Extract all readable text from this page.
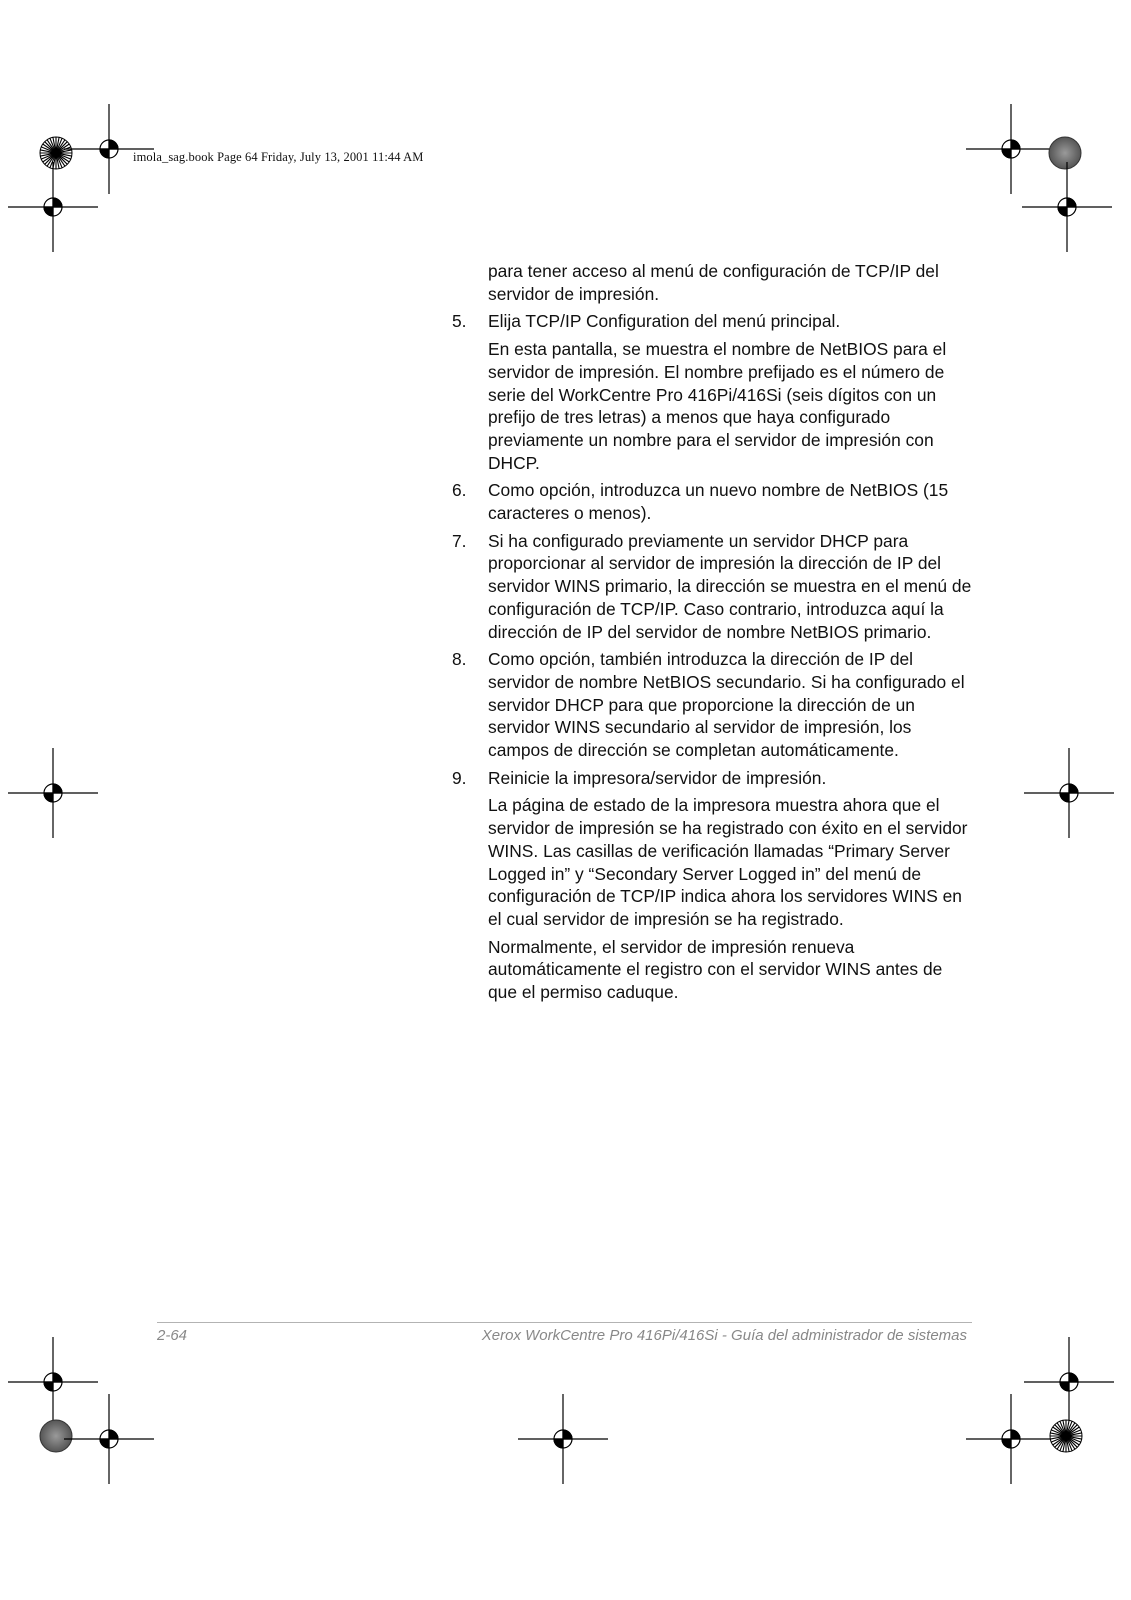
imola_sag.book Page 64 Friday, July 13, 2001 11:44 AM

para tener acceso al menú de configuración de TCP/IP del servidor de impresión.

5. Elija TCP/IP Configuration del menú principal.

En esta pantalla, se muestra el nombre de NetBIOS para el servidor de impresión. El nombre prefijado es el número de serie del WorkCentre Pro 416Pi/416Si (seis dígitos con un prefijo de tres letras) a menos que haya configurado previamente un nombre para el servidor de impresión con DHCP.

6. Como opción, introduzca un nuevo nombre de NetBIOS (15 caracteres o menos).
7. Si ha configurado previamente un servidor DHCP para proporcionar al servidor de impresión la dirección de IP del servidor WINS primario, la dirección se muestra en el menú de configuración de TCP/IP. Caso contrario, introduzca aquí la dirección de IP del servidor de nombre NetBIOS primario.
8. Como opción, también introduzca la dirección de IP del servidor de nombre NetBIOS secundario. Si ha configurado el servidor DHCP para que proporcione la dirección de un servidor WINS secundario al servidor de impresión, los campos de dirección se completan automáticamente.
9. Reinicie la impresora/servidor de impresión.

La página de estado de la impresora muestra ahora que el servidor de impresión se ha registrado con éxito en el servidor WINS. Las casillas de verificación llamadas “Primary Server Logged in” y “Secondary Server Logged in” del menú de configuración de TCP/IP indica ahora los servidores WINS en el cual servidor de impresión se ha registrado.

Normalmente, el servidor de impresión renueva automáticamente el registro con el servidor WINS antes de que el permiso caduque.

2-64	Xerox WorkCentre Pro 416Pi/416Si - Guía del administrador de sistemas
